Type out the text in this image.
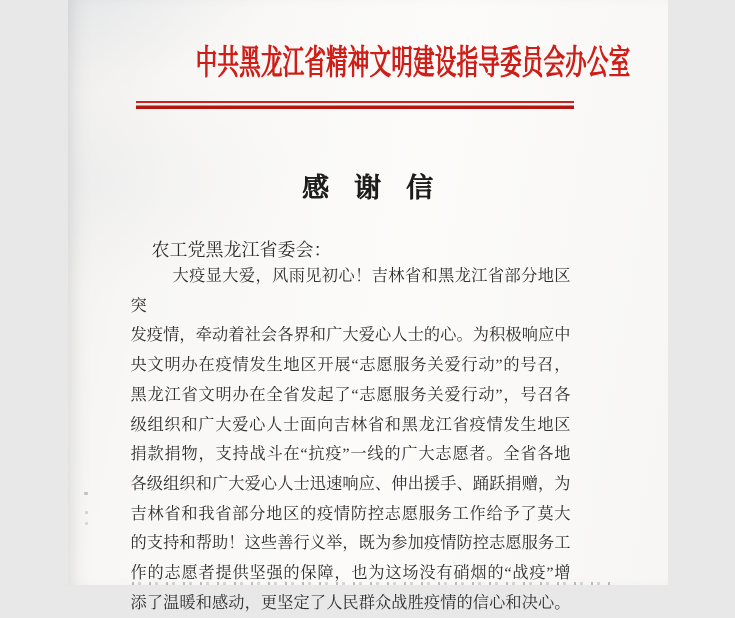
中共黑龙江省精神文明建设指导委员会办公室
感谢信
农工党黑龙江省委会：
大疫显大爱，风雨见初心！吉林省和黑龙江省部分地区突
发疫情，牵动着社会各界和广大爱心人士的心。为积极响应中
央文明办在疫情发生地区开展“志愿服务关爱行动”的号召，
黑龙江省文明办在全省发起了“志愿服务关爱行动”，号召各
级组织和广大爱心人士面向吉林省和黑龙江省疫情发生地区
捐款捐物，支持战斗在“抗疫”一线的广大志愿者。全省各地
各级组织和广大爱心人士迅速响应、伸出援手、踊跃捐赠，为
吉林省和我省部分地区的疫情防控志愿服务工作给予了莫大
的支持和帮助！这些善行义举，既为参加疫情防控志愿服务工
作的志愿者提供坚强的保障，也为这场没有硝烟的“战疫”增
添了温暖和感动，更坚定了人民群众战胜疫情的信心和决心。
